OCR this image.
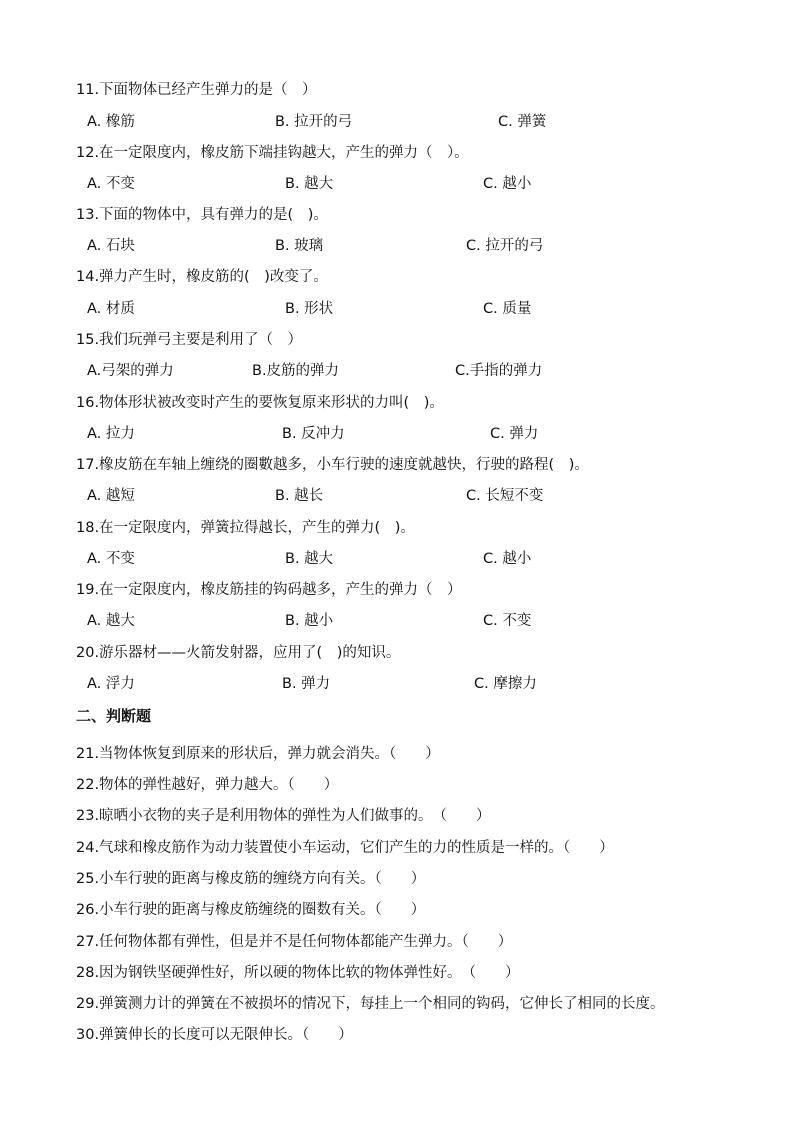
11.下面物体已经产生弹力的是（　）
A. 橡筋	B. 拉开的弓	C. 弹簧
12.在一定限度内，橡皮筋下端挂钩越大，产生的弹力（　）。
A. 不变	B. 越大	C. 越小
13.下面的物体中，具有弹力的是(　)。
A. 石块	B. 玻璃	C. 拉开的弓
14.弹力产生时，橡皮筋的(　)改变了。
A. 材质	B. 形状	C. 质量
15.我们玩弹弓主要是利用了（　）
A.弓架的弹力	B.皮筋的弹力	C.手指的弹力
16.物体形状被改变时产生的要恢复原来形状的力叫(　)。
A. 拉力	B. 反冲力	C. 弹力
17.橡皮筋在车轴上缠绕的圈數越多，小车行驶的速度就越快，行驶的路程(　)。
A. 越短	B. 越长	C. 长短不变
18.在一定限度内，弹簧拉得越长，产生的弹力(　)。
A. 不变	B. 越大	C. 越小
19.在一定限度内，橡皮筋挂的钩码越多，产生的弹力（　）
A. 越大	B. 越小	C. 不变
20.游乐器材——火箭发射器，应用了(　)的知识。
A. 浮力	B. 弹力	C. 摩擦力
二、判断题
21.当物体恢复到原来的形状后，弹力就会消失。（　　）
22.物体的弹性越好，弹力越大。（　　）
23.晾晒小衣物的夹子是利用物体的弹性为人们做事的。　（　　）
24.气球和橡皮筋作为动力装置使小车运动，它们产生的力的性质是一样的。（　　）
25.小车行驶的距离与橡皮筋的缠绕方向有关。（　　）
26.小车行驶的距离与橡皮筋缠绕的圈数有关。（　　）
27.任何物体都有弹性，但是并不是任何物体都能产生弹力。（　　）
28.因为钢铁坚硬弹性好，所以硬的物体比软的物体弹性好。　（　　）
29.弹簧测力计的弹簧在不被损坏的情况下，每挂上一个相同的钩码，它伸长了相同的长度。
30.弹簧伸长的长度可以无限伸长。（　　）
